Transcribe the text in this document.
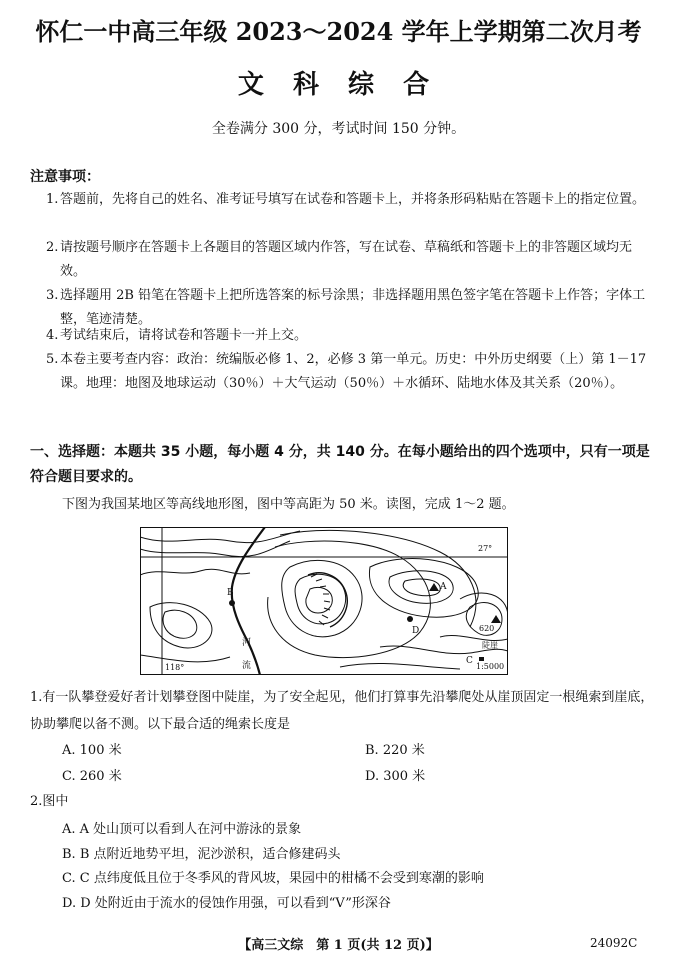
怀仁一中高三年级 2023～2024 学年上学期第二次月考
文 科 综 合
全卷满分 300 分，考试时间 150 分钟。
注意事项：
1. 答题前，先将自己的姓名、准考证号填写在试卷和答题卡上，并将条形码粘贴在答题卡上的指定位置。
2. 请按题号顺序在答题卡上各题目的答题区域内作答，写在试卷、草稿纸和答题卡上的非答题区域均无效。
3. 选择题用 2B 铅笔在答题卡上把所选答案的标号涂黑；非选择题用黑色签字笔在答题卡上作答；字体工整，笔迹清楚。
4. 考试结束后，请将试卷和答题卡一并上交。
5. 本卷主要考查内容：政治：统编版必修 1、2，必修 3 第一单元。历史：中外历史纲要（上）第 1－17 课。地理：地图及地球运动（30％）＋大气运动（50％）＋水循环、陆地水体及其关系（20％）。
一、选择题：本题共 35 小题，每小题 4 分，共 140 分。在每小题给出的四个选项中，只有一项是符合题目要求的。
下图为我国某地区等高线地形图，图中等高距为 50 米。读图，完成 1～2 题。
A
B
C
D	620
27°
118°
河
流
陡崖
1:5000
1.有一队攀登爱好者计划攀登图中陡崖，为了安全起见，他们打算事先沿攀爬处从崖顶固定一根绳索到崖底，协助攀爬以备不测。以下最合适的绳索长度是
A. 100 米	B. 220 米
C. 260 米	D. 300 米
2.图中
A. A 处山顶可以看到人在河中游泳的景象
B. B 点附近地势平坦，泥沙淤积，适合修建码头
C. C 点纬度低且位于冬季风的背风坡，果园中的柑橘不会受到寒潮的影响
D. D 处附近由于流水的侵蚀作用强，可以看到“V”形深谷
【高三文综　第 1 页(共 12 页)】	24092C
